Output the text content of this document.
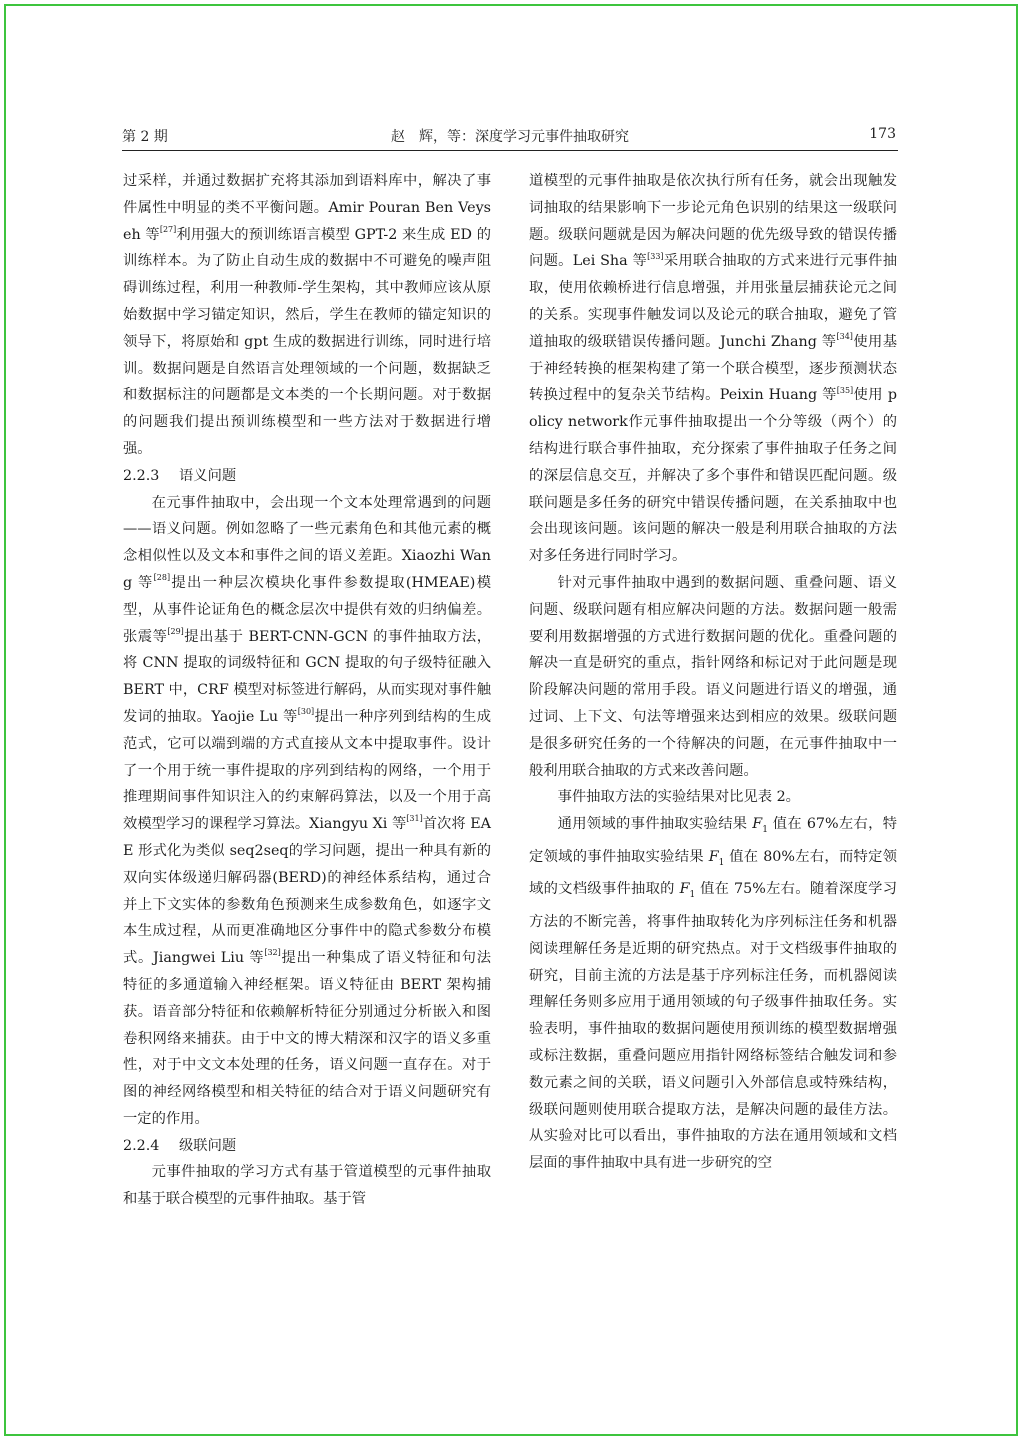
第 2 期	赵　辉，等：深度学习元事件抽取研究	173

过采样，并通过数据扩充将其添加到语料库中，解决了事件属性中明显的类不平衡问题。Amir Pouran Ben Veyseh 等[27]利用强大的预训练语言模型 GPT-2 来生成 ED 的训练样本。为了防止自动生成的数据中不可避免的噪声阻碍训练过程，利用一种教师-学生架构，其中教师应该从原始数据中学习锚定知识，然后，学生在教师的锚定知识的领导下，将原始和 gpt 生成的数据进行训练，同时进行培训。数据问题是自然语言处理领域的一个问题，数据缺乏和数据标注的问题都是文本类的一个长期问题。对于数据的问题我们提出预训练模型和一些方法对于数据进行增强。

2.2.3 语义问题

在元事件抽取中，会出现一个文本处理常遇到的问题——语义问题。例如忽略了一些元素角色和其他元素的概念相似性以及文本和事件之间的语义差距。Xiaozhi Wang 等[28]提出一种层次模块化事件参数提取(HMEAE)模型，从事件论证角色的概念层次中提供有效的归纳偏差。张震等[29]提出基于 BERT-CNN-GCN 的事件抽取方法，将 CNN 提取的词级特征和 GCN 提取的句子级特征融入 BERT 中，CRF 模型对标签进行解码，从而实现对事件触发词的抽取。Yaojie Lu 等[30]提出一种序列到结构的生成范式，它可以端到端的方式直接从文本中提取事件。设计了一个用于统一事件提取的序列到结构的网络，一个用于推理期间事件知识注入的约束解码算法，以及一个用于高效模型学习的课程学习算法。Xiangyu Xi 等[31]首次将 EAE 形式化为类似 seq2seq的学习问题，提出一种具有新的双向实体级递归解码器(BERD)的神经体系结构，通过合并上下文实体的参数角色预测来生成参数角色，如逐字文本生成过程，从而更准确地区分事件中的隐式参数分布模式。Jiangwei Liu 等[32]提出一种集成了语义特征和句法特征的多通道输入神经框架。语义特征由 BERT 架构捕获。语音部分特征和依赖解析特征分别通过分析嵌入和图卷积网络来捕获。由于中文的博大精深和汉字的语义多重性，对于中文文本处理的任务，语义问题一直存在。对于图的神经网络模型和相关特征的结合对于语义问题研究有一定的作用。

2.2.4 级联问题

元事件抽取的学习方式有基于管道模型的元事件抽取和基于联合模型的元事件抽取。基于管

道模型的元事件抽取是依次执行所有任务，就会出现触发词抽取的结果影响下一步论元角色识别的结果这一级联问题。级联问题就是因为解决问题的优先级导致的错误传播问题。Lei Sha 等[33]采用联合抽取的方式来进行元事件抽取，使用依赖桥进行信息增强，并用张量层捕获论元之间的关系。实现事件触发词以及论元的联合抽取，避免了管道抽取的级联错误传播问题。Junchi Zhang 等[34]使用基于神经转换的框架构建了第一个联合模型，逐步预测状态转换过程中的复杂关节结构。Peixin Huang 等[35]使用 policy network作元事件抽取提出一个分等级（两个）的结构进行联合事件抽取，充分探索了事件抽取子任务之间的深层信息交互，并解决了多个事件和错误匹配问题。级联问题是多任务的研究中错误传播问题，在关系抽取中也会出现该问题。该问题的解决一般是利用联合抽取的方法对多任务进行同时学习。

针对元事件抽取中遇到的数据问题、重叠问题、语义问题、级联问题有相应解决问题的方法。数据问题一般需要利用数据增强的方式进行数据问题的优化。重叠问题的解决一直是研究的重点，指针网络和标记对于此问题是现阶段解决问题的常用手段。语义问题进行语义的增强，通过词、上下文、句法等增强来达到相应的效果。级联问题是很多研究任务的一个待解决的问题，在元事件抽取中一般利用联合抽取的方式来改善问题。

事件抽取方法的实验结果对比见表 2。

通用领域的事件抽取实验结果 $F_1$ 值在 67%左右，特定领域的事件抽取实验结果 $F_1$ 值在 80%左右，而特定领域的文档级事件抽取的 $F_1$ 值在 75%左右。随着深度学习方法的不断完善，将事件抽取转化为序列标注任务和机器阅读理解任务是近期的研究热点。对于文档级事件抽取的研究，目前主流的方法是基于序列标注任务，而机器阅读理解任务则多应用于通用领域的句子级事件抽取任务。实验表明，事件抽取的数据问题使用预训练的模型数据增强或标注数据，重叠问题应用指针网络标签结合触发词和参数元素之间的关联，语义问题引入外部信息或特殊结构，级联问题则使用联合提取方法，是解决问题的最佳方法。从实验对比可以看出，事件抽取的方法在通用领域和文档层面的事件抽取中具有进一步研究的空
